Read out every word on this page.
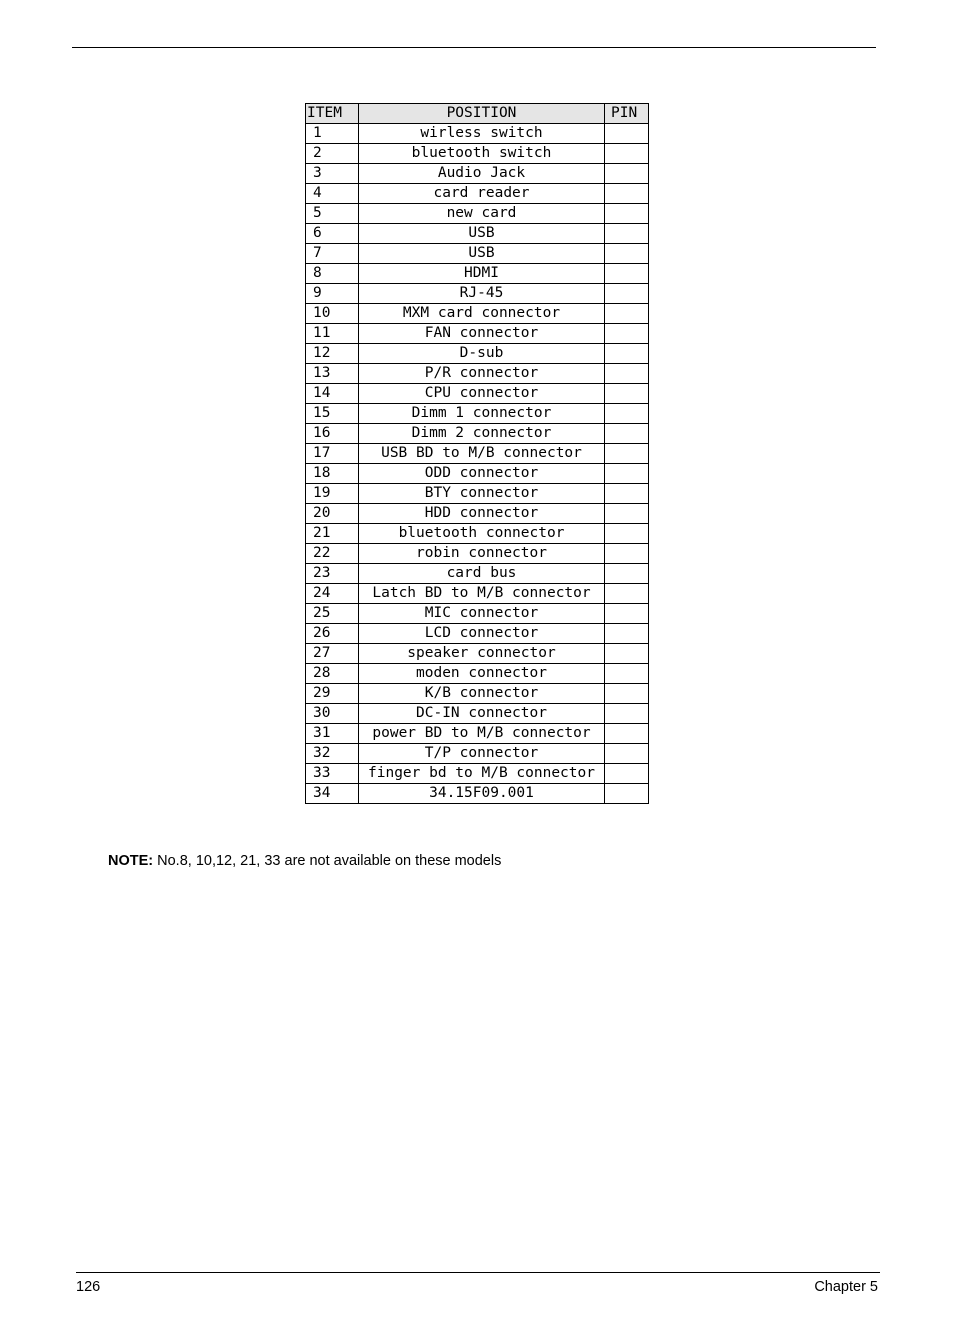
ITEM	POSITION	PIN
1	wirless switch	
2	bluetooth switch	
3	Audio Jack	
4	card reader	
5	new card	
6	USB	
7	USB	
8	HDMI	
9	RJ-45	
10	MXM card connector	
11	FAN connector	
12	D-sub	
13	P/R connector	
14	CPU connector	
15	Dimm 1 connector	
16	Dimm 2 connector	
17	USB BD to M/B connector	
18	ODD connector	
19	BTY connector	
20	HDD connector	
21	bluetooth connector	
22	robin connector	
23	card bus	
24	Latch BD to M/B connector	
25	MIC connector	
26	LCD connector	
27	speaker connector	
28	moden connector	
29	K/B connector	
30	DC-IN connector	
31	power BD to M/B connector	
32	T/P connector	
33	finger bd to M/B connector	
34	34.15F09.001	
NOTE: No.8, 10,12, 21, 33 are not available on these models
126	Chapter 5
